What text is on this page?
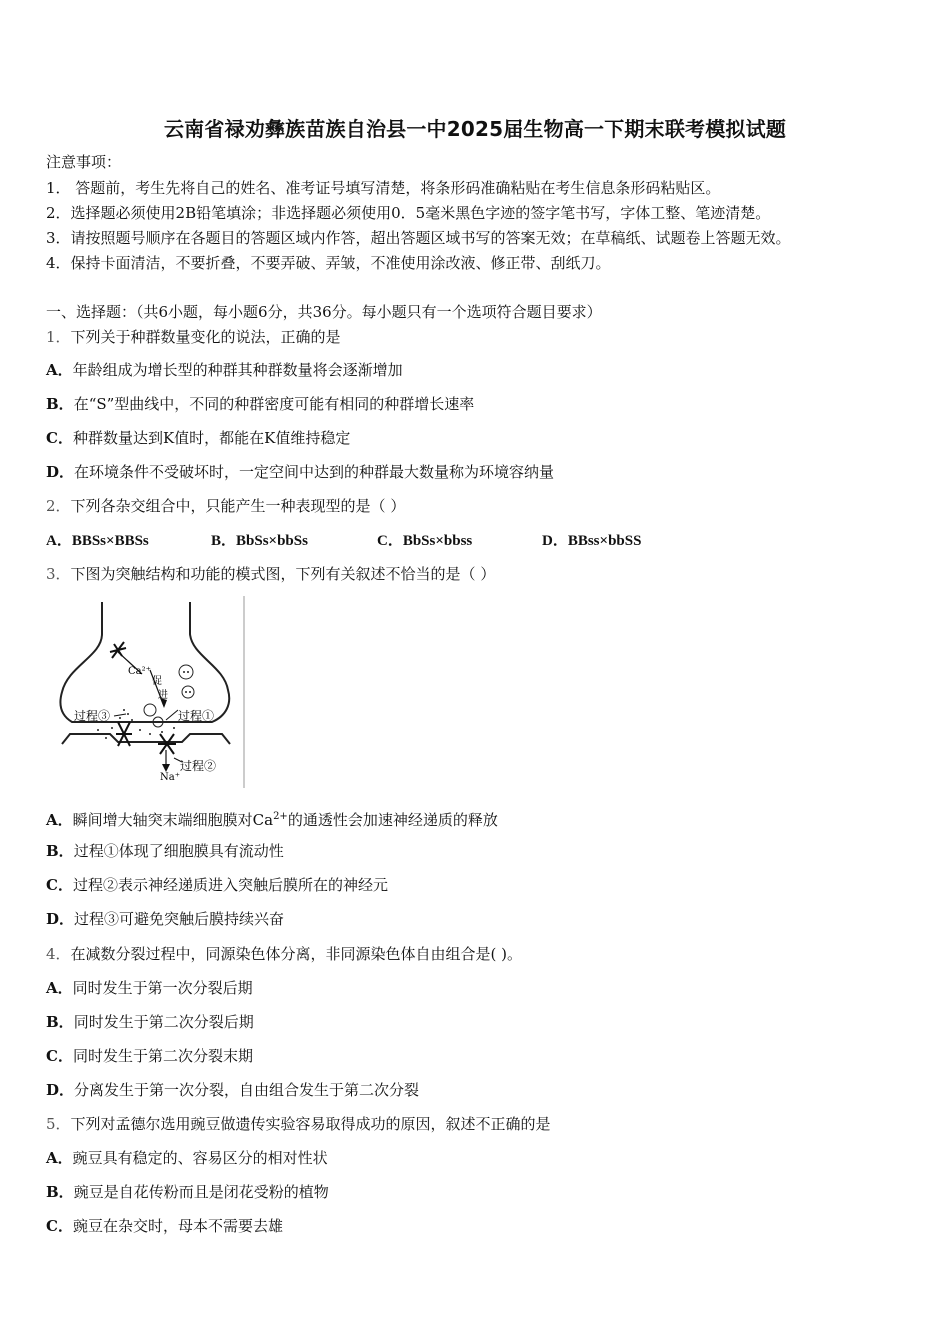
云南省禄劝彝族苗族自治县一中2025届生物高一下期末联考模拟试题
注意事项：
1． 答题前，考生先将自己的姓名、准考证号填写清楚，将条形码准确粘贴在考生信息条形码粘贴区。
2．选择题必须使用2B铅笔填涂；非选择题必须使用0．5毫米黑色字迹的签字笔书写，字体工整、笔迹清楚。
3．请按照题号顺序在各题目的答题区域内作答，超出答题区域书写的答案无效；在草稿纸、试题卷上答题无效。
4．保持卡面清洁，不要折叠，不要弄破、弄皱，不准使用涂改液、修正带、刮纸刀。
一、选择题：（共6小题，每小题6分，共36分。每小题只有一个选项符合题目要求）
1．下列关于种群数量变化的说法，正确的是
A．年龄组成为增长型的种群其种群数量将会逐渐增加
B．在“S”型曲线中，不同的种群密度可能有相同的种群增长速率
C．种群数量达到K值时，都能在K值维持稳定
D．在环境条件不受破坏时，一定空间中达到的种群最大数量称为环境容纳量
2．下列各杂交组合中，只能产生一种表现型的是（ ）
A．BBSs×BBSs	B．BbSs×bbSs	C．BbSs×bbss	D．BBss×bbSS
3．下图为突触结构和功能的模式图，下列有关叙述不恰当的是（ ）
Ca²⁺
促
进
Na⁺
过程①
过程③
过程②
A．瞬间增大轴突末端细胞膜对$Ca^{2+}$的通透性会加速神经递质的释放
B．过程①体现了细胞膜具有流动性
C．过程②表示神经递质进入突触后膜所在的神经元
D．过程③可避免突触后膜持续兴奋
4．在减数分裂过程中，同源染色体分离，非同源染色体自由组合是( )。
A．同时发生于第一次分裂后期
B．同时发生于第二次分裂后期
C．同时发生于第二次分裂末期
D．分离发生于第一次分裂，自由组合发生于第二次分裂
5．下列对孟德尔选用豌豆做遗传实验容易取得成功的原因，叙述不正确的是
A．豌豆具有稳定的、容易区分的相对性状
B．豌豆是自花传粉而且是闭花受粉的植物
C．豌豆在杂交时，母本不需要去雄
